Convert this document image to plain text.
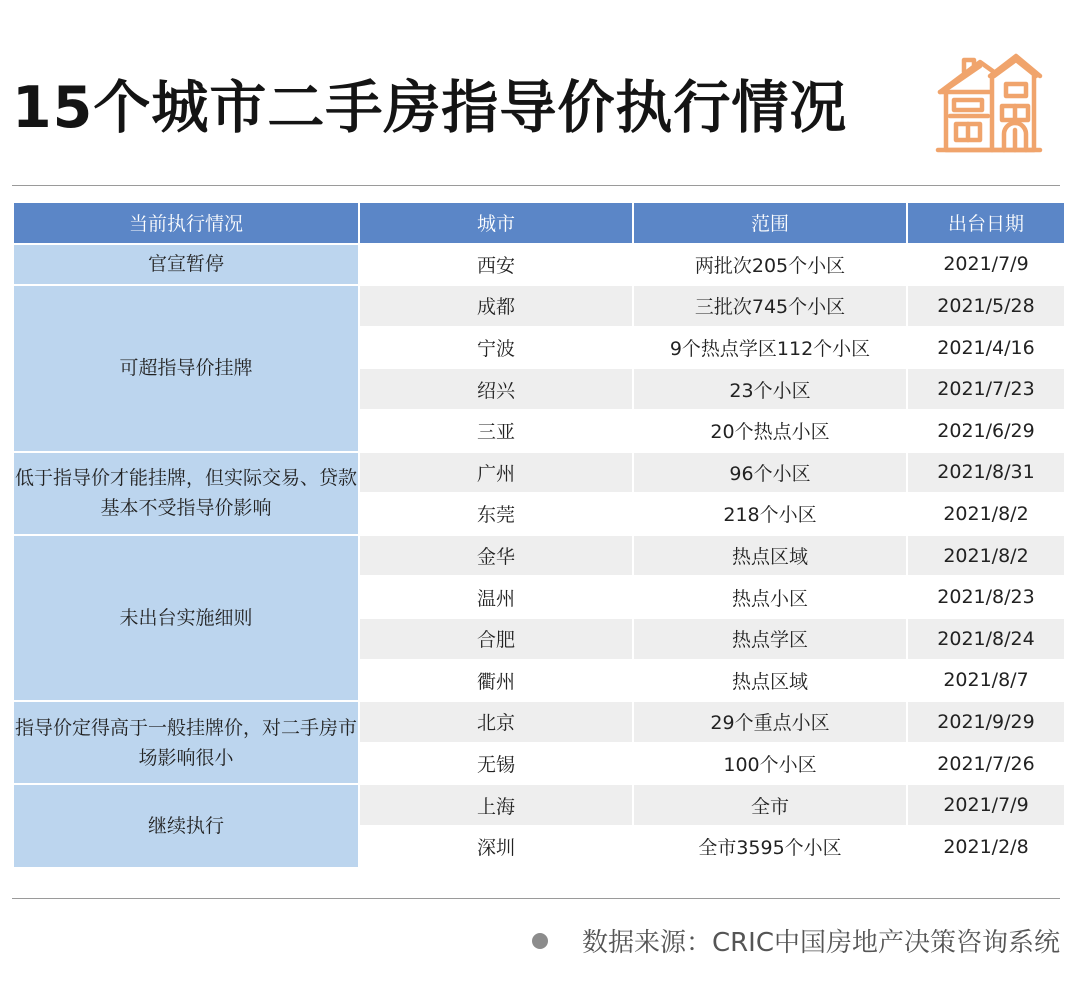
15个城市二手房指导价执行情况
当前执行情况	城市	范围	出台日期
官宣暂停	西安	两批次205个小区	2021/7/9
可超指导价挂牌	成都	三批次745个小区	2021/5/28
	宁波	9个热点学区112个小区	2021/4/16
	绍兴	23个小区	2021/7/23
	三亚	20个热点小区	2021/6/29
低于指导价才能挂牌，但实际交易、贷款基本不受指导价影响	广州	96个小区	2021/8/31
	东莞	218个小区	2021/8/2
未出台实施细则	金华	热点区域	2021/8/2
	温州	热点小区	2021/8/23
	合肥	热点学区	2021/8/24
	衢州	热点区域	2021/8/7
指导价定得高于一般挂牌价，对二手房市场影响很小	北京	29个重点小区	2021/9/29
	无锡	100个小区	2021/7/26
继续执行	上海	全市	2021/7/9
	深圳	全市3595个小区	2021/2/8
数据来源：CRIC中国房地产决策咨询系统
